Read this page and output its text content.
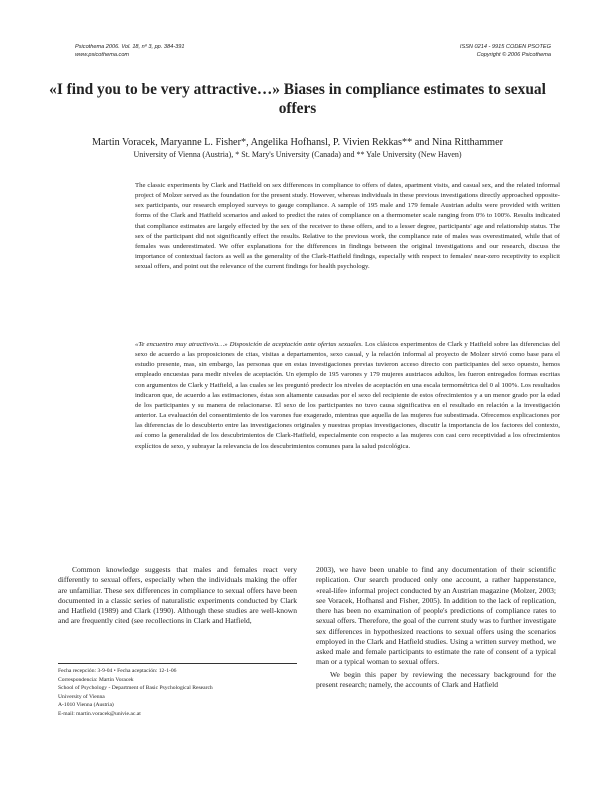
Psicothema 2006. Vol. 18, nº 3, pp. 384-391
www.psicothema.com
ISSN 0214 - 9915 CODEN PSOTEG
Copyright © 2006 Psicothema
«I find you to be very attractive…» Biases in compliance estimates to sexual offers
Martin Voracek, Maryanne L. Fisher*, Angelika Hofhansl, P. Vivien Rekkas** and Nina Ritthammer
University of Vienna (Austria), * St. Mary's University (Canada) and ** Yale University (New Haven)

The classic experiments by Clark and Hatfield on sex differences in compliance to offers of dates, apartment visits, and casual sex, and the related informal project of Molzer served as the foundation for the present study. However, whereas individuals in these previous investigations directly approached opposite-sex participants, our research employed surveys to gauge compliance. A sample of 195 male and 179 female Austrian adults were provided with written forms of the Clark and Hatfield scenarios and asked to predict the rates of compliance on a thermometer scale ranging from 0% to 100%. Results indicated that compliance estimates are largely effected by the sex of the receiver to these offers, and to a lesser degree, participants' age and relationship status. The sex of the participant did not significantly effect the results. Relative to the previous work, the compliance rate of males was overestimated, while that of females was underestimated. We offer explanations for the differences in findings between the original investigations and our research, discuss the importance of contextual factors as well as the generality of the Clark-Hatfield findings, especially with respect to females' near-zero receptivity to explicit sexual offers, and point out the relevance of the current findings for health psychology.

«Te encuentro muy atractivo/a…» Disposición de aceptación ante ofertas sexuales. Los clásicos experimentos de Clark y Hatfield sobre las diferencias del sexo de acuerdo a las proposiciones de citas, visitas a departamentos, sexo casual, y la relación informal al proyecto de Molzer sirvió como base para el estudio presente, mas, sin embargo, las personas que en estas investigaciones previas tuvieron acceso directo con participantes del sexo opuesto, hemos empleado encuestas para medir niveles de aceptación. Un ejemplo de 195 varones y 179 mujeres austriacos adultos, les fueron entregados formas escritas con argumentos de Clark y Hatfield, a las cuales se les preguntó predecir los niveles de aceptación en una escala termométrica del 0 al 100%. Los resultados indicaron que, de acuerdo a las estimaciones, éstas son altamente causadas por el sexo del recipiente de estos ofrecimientos y a un menor grado por la edad de los participantes y su manera de relacionarse. El sexo de los participantes no tuvo causa significativa en el resultado en relación a la investigación anterior. La evaluación del consentimiento de los varones fue exagerado, mientras que aquella de las mujeres fue subestimada. Ofrecemos explicaciones por las diferencias de lo descubierto entre las investigaciones originales y nuestras propias investigaciones, discutir la importancia de los factores del contexto, así como la generalidad de los descubrimientos de Clark-Hatfield, especialmente con respecto a las mujeres con casi cero receptividad a los ofrecimientos explícitos de sexo, y subrayar la relevancia de los descubrimientos comunes para la salud psicológica.

Common knowledge suggests that males and females react very differently to sexual offers, especially when the individuals making the offer are unfamiliar. These sex differences in compliance to sexual offers have been documented in a classic series of naturalistic experiments conducted by Clark and Hatfield (1989) and Clark (1990). Although these studies are well-known and are frequently cited (see recollections in Clark and Hatfield,

2003), we have been unable to find any documentation of their scientific replication. Our search produced only one account, a rather happenstance, «real-life» informal project conducted by an Austrian magazine (Molzer, 2003; see Voracek, Hofhansl and Fisher, 2005). In addition to the lack of replication, there has been no examination of people's predictions of compliance rates to sexual offers. Therefore, the goal of the current study was to further investigate sex differences in hypothesized reactions to sexual offers using the scenarios employed in the Clark and Hatfield studies. Using a written survey method, we asked male and female participants to estimate the rate of consent of a typical man or a typical woman to sexual offers.

We begin this paper by reviewing the necessary background for the present research; namely, the accounts of Clark and Hatfield

Fecha recepción: 3-9-04 • Fecha aceptación: 12-1-06
Correspondencia: Martin Voracek
School of Psychology - Department of Basic Psychological Research
University of Vienna
A-1010 Vienna (Austria)
E-mail: martin.voracek@univie.ac.at
